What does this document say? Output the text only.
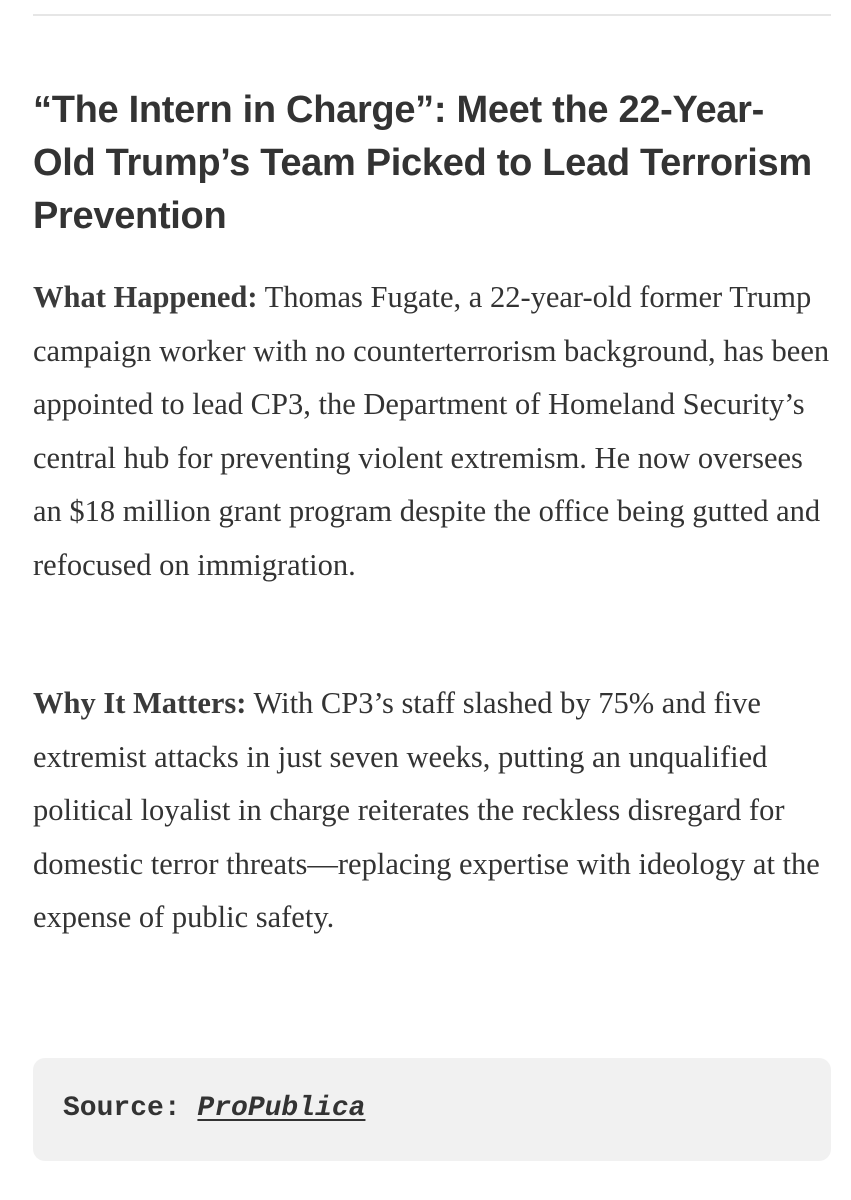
“The Intern in Charge”: Meet the 22-Year-Old Trump’s Team Picked to Lead Terrorism Prevention

What Happened: Thomas Fugate, a 22-year-old former Trump campaign worker with no counterterrorism background, has been appointed to lead CP3, the Department of Homeland Security’s central hub for preventing violent extremism. He now oversees an $18 million grant program despite the office being gutted and refocused on immigration.

Why It Matters: With CP3’s staff slashed by 75% and five extremist attacks in just seven weeks, putting an unqualified political loyalist in charge reiterates the reckless disregard for domestic terror threats—replacing expertise with ideology at the expense of public safety.

Source: ProPublica
